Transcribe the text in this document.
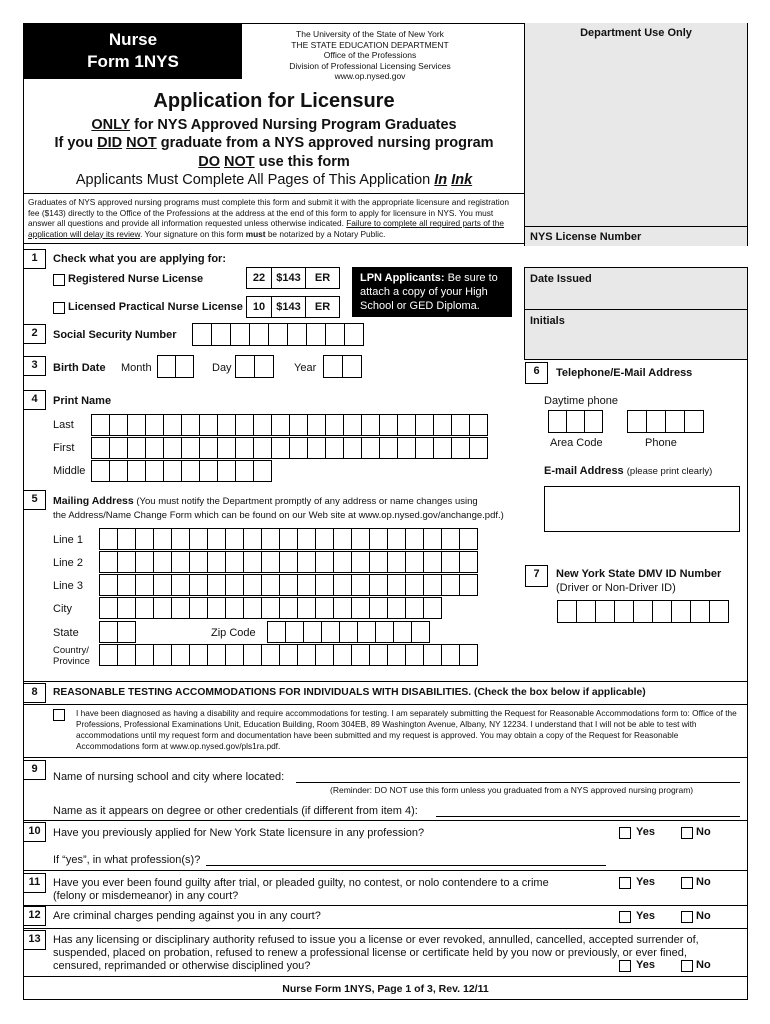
Nurse
Form 1NYS
The University of the State of New York
THE STATE EDUCATION DEPARTMENT
Office of the Professions
Division of Professional Licensing Services
www.op.nysed.gov
Department Use Only
NYS License Number
Date Issued
Initials
Application for Licensure
ONLY for NYS Approved Nursing Program Graduates
If you DID NOT graduate from a NYS approved nursing program
DO NOT use this form
Applicants Must Complete All Pages of This Application In Ink
Graduates of NYS approved nursing programs must complete this form and submit it with the appropriate licensure and registration fee ($143) directly to the Office of the Professions at the address at the end of this form to apply for licensure in NYS. You must answer all questions and provide all information requested unless otherwise indicated. Failure to complete all required parts of the application will delay its review. Your signature on this form must be notarized by a Notary Public.
1	Check what you are applying for:
Registered Nurse License	22	$143	ER
Licensed Practical Nurse License 10	$143	ER
LPN Applicants: Be sure to attach a copy of your High School or GED Diploma.
2	Social Security Number
3	Birth Date Month	Day	Year	6	Telephone/E-Mail Address
Daytime phone
Area Code	Phone
E-mail Address (please print clearly)
4	Print Name
Last
First
Middle
5	Mailing Address (You must notify the Department promptly of any address or name changes using
the Address/Name Change Form which can be found on our Web site at www.op.nysed.gov/anchange.pdf.)
Line 1
Line 2
Line 3
City
State	Zip Code
Country/
Province
7	New York State DMV ID Number
(Driver or Non-Driver ID)
8	REASONABLE TESTING ACCOMMODATIONS FOR INDIVIDUALS WITH DISABILITIES. (Check the box below if applicable)
I have been diagnosed as having a disability and require accommodations for testing. I am separately submitting the Request for Reasonable Accommodations form to: Office of the Professions, Professional Examinations Unit, Education Building, Room 304EB, 89 Washington Avenue, Albany, NY 12234. I understand that I will not be able to test with accommodations until my request form and documentation have been submitted and my request is approved. You may obtain a copy of the Request for Reasonable Accommodations form at www.op.nysed.gov/pls1ra.pdf.
9
Name of nursing school and city where located:
(Reminder: DO NOT use this form unless you graduated from a NYS approved nursing program)
Name as it appears on degree or other credentials (if different from item 4):
10	Have you previously applied for New York State licensure in any profession?	Yes	No
If “yes”, in what profession(s)?
11	Have you ever been found guilty after trial, or pleaded guilty, no contest, or nolo contendere to a crime
(felony or misdemeanor) in any court?
Yes	No
12	Are criminal charges pending against you in any court?	Yes	No
13	Has any licensing or disciplinary authority refused to issue you a license or ever revoked, annulled, cancelled, accepted surrender of,
suspended, placed on probation, refused to renew a professional license or certificate held by you now or previously, or ever fined,
censured, reprimanded or otherwise disciplined you?	Yes	No
Nurse Form 1NYS, Page 1 of 3, Rev. 12/11
